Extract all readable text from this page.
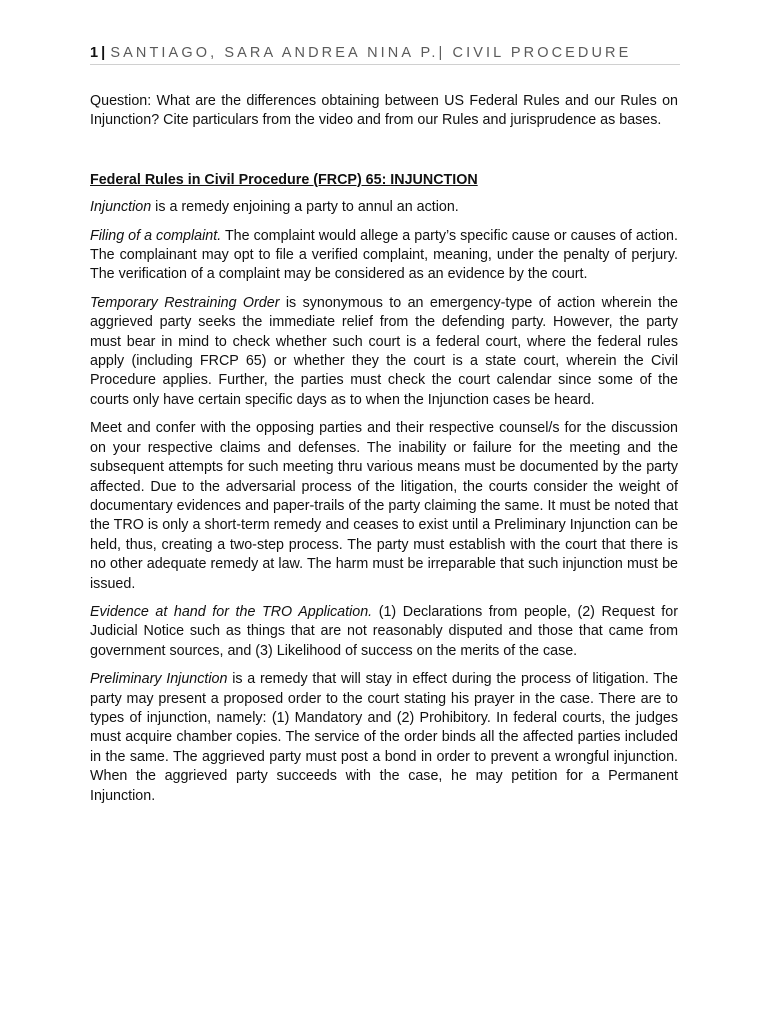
1| SANTIAGO, SARA ANDREA NINA P.| CIVIL PROCEDURE

Question: What are the differences obtaining between US Federal Rules and our Rules on Injunction? Cite particulars from the video and from our Rules and jurisprudence as bases.

Federal Rules in Civil Procedure (FRCP) 65: INJUNCTION

Injunction is a remedy enjoining a party to annul an action.

Filing of a complaint. The complaint would allege a party’s specific cause or causes of action. The complainant may opt to file a verified complaint, meaning, under the penalty of perjury. The verification of a complaint may be considered as an evidence by the court.

Temporary Restraining Order is synonymous to an emergency-type of action wherein the aggrieved party seeks the immediate relief from the defending party. However, the party must bear in mind to check whether such court is a federal court, where the federal rules apply (including FRCP 65) or whether they the court is a state court, wherein the Civil Procedure applies. Further, the parties must check the court calendar since some of the courts only have certain specific days as to when the Injunction cases be heard.

Meet and confer with the opposing parties and their respective counsel/s for the discussion on your respective claims and defenses. The inability or failure for the meeting and the subsequent attempts for such meeting thru various means must be documented by the party affected. Due to the adversarial process of the litigation, the courts consider the weight of documentary evidences and paper-trails of the party claiming the same. It must be noted that the TRO is only a short-term remedy and ceases to exist until a Preliminary Injunction can be held, thus, creating a two-step process. The party must establish with the court that there is no other adequate remedy at law. The harm must be irreparable that such injunction must be issued.

Evidence at hand for the TRO Application. (1) Declarations from people, (2) Request for Judicial Notice such as things that are not reasonably disputed and those that came from government sources, and (3) Likelihood of success on the merits of the case.

Preliminary Injunction is a remedy that will stay in effect during the process of litigation. The party may present a proposed order to the court stating his prayer in the case. There are to types of injunction, namely: (1) Mandatory and (2) Prohibitory. In federal courts, the judges must acquire chamber copies. The service of the order binds all the affected parties included in the same. The aggrieved party must post a bond in order to prevent a wrongful injunction. When the aggrieved party succeeds with the case, he may petition for a Permanent Injunction.
